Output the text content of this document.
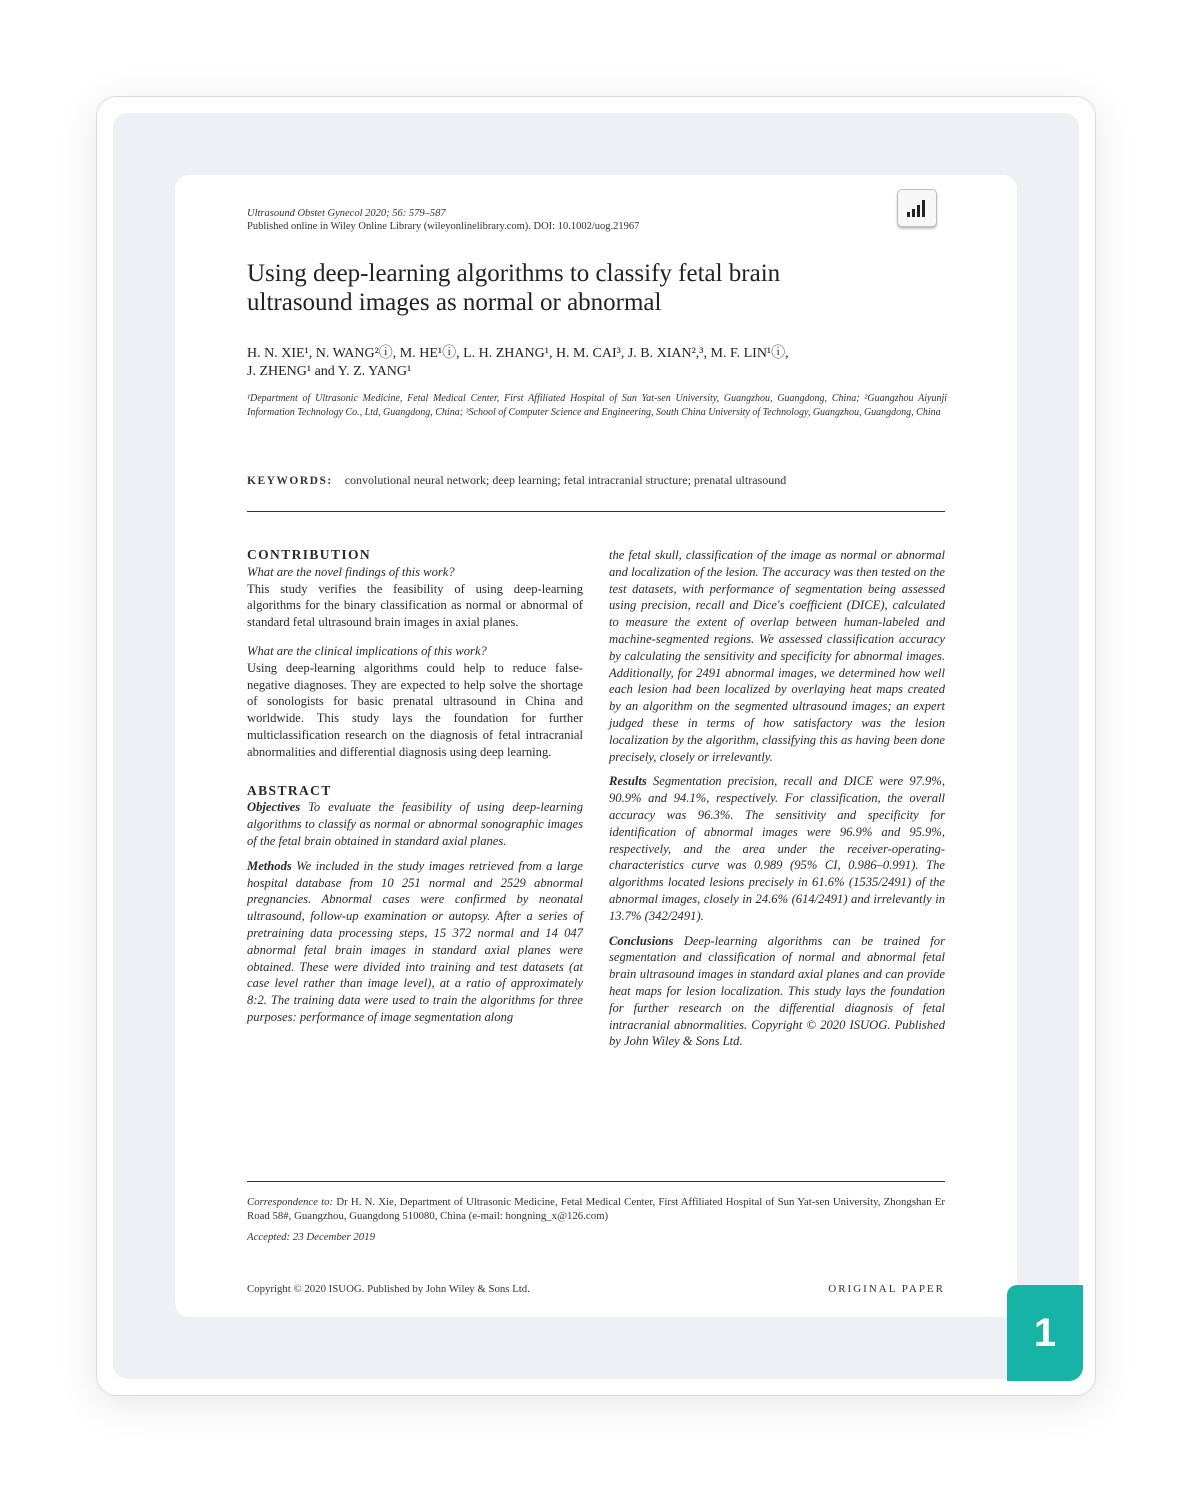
Ultrasound Obstet Gynecol 2020; 56: 579–587
Published online in Wiley Online Library (wileyonlinelibrary.com). DOI: 10.1002/uog.21967
Using deep-learning algorithms to classify fetal brain ultrasound images as normal or abnormal
H. N. XIE¹, N. WANG²ⓘ, M. HE¹ⓘ, L. H. ZHANG¹, H. M. CAI³, J. B. XIAN²,³, M. F. LIN¹ⓘ,
J. ZHENG¹ and Y. Z. YANG¹
¹Department of Ultrasonic Medicine, Fetal Medical Center, First Affiliated Hospital of Sun Yat-sen University, Guangzhou, Guangdong, China; ²Guangzhou Aiyunji Information Technology Co., Ltd, Guangdong, China; ³School of Computer Science and Engineering, South China University of Technology, Guangzhou, Guangdong, China
KEYWORDS: convolutional neural network; deep learning; fetal intracranial structure; prenatal ultrasound

CONTRIBUTION

What are the novel findings of this work?

This study verifies the feasibility of using deep-learning algorithms for the binary classification as normal or abnormal of standard fetal ultrasound brain images in axial planes.

What are the clinical implications of this work?

Using deep-learning algorithms could help to reduce false-negative diagnoses. They are expected to help solve the shortage of sonologists for basic prenatal ultrasound in China and worldwide. This study lays the foundation for further multiclassification research on the diagnosis of fetal intracranial abnormalities and differential diagnosis using deep learning.

ABSTRACT

Objectives To evaluate the feasibility of using deep-learning algorithms to classify as normal or abnormal sonographic images of the fetal brain obtained in standard axial planes.

Methods We included in the study images retrieved from a large hospital database from 10 251 normal and 2529 abnormal pregnancies. Abnormal cases were confirmed by neonatal ultrasound, follow-up examination or autopsy. After a series of pretraining data processing steps, 15 372 normal and 14 047 abnormal fetal brain images in standard axial planes were obtained. These were divided into training and test datasets (at case level rather than image level), at a ratio of approximately 8:2. The training data were used to train the algorithms for three purposes: performance of image segmentation along

the fetal skull, classification of the image as normal or abnormal and localization of the lesion. The accuracy was then tested on the test datasets, with performance of segmentation being assessed using precision, recall and Dice's coefficient (DICE), calculated to measure the extent of overlap between human-labeled and machine-segmented regions. We assessed classification accuracy by calculating the sensitivity and specificity for abnormal images. Additionally, for 2491 abnormal images, we determined how well each lesion had been localized by overlaying heat maps created by an algorithm on the segmented ultrasound images; an expert judged these in terms of how satisfactory was the lesion localization by the algorithm, classifying this as having been done precisely, closely or irrelevantly.

Results Segmentation precision, recall and DICE were 97.9%, 90.9% and 94.1%, respectively. For classification, the overall accuracy was 96.3%. The sensitivity and specificity for identification of abnormal images were 96.9% and 95.9%, respectively, and the area under the receiver-operating-characteristics curve was 0.989 (95% CI, 0.986–0.991). The algorithms located lesions precisely in 61.6% (1535/2491) of the abnormal images, closely in 24.6% (614/2491) and irrelevantly in 13.7% (342/2491).

Conclusions Deep-learning algorithms can be trained for segmentation and classification of normal and abnormal fetal brain ultrasound images in standard axial planes and can provide heat maps for lesion localization. This study lays the foundation for further research on the differential diagnosis of fetal intracranial abnormalities. Copyright © 2020 ISUOG. Published by John Wiley & Sons Ltd.

Correspondence to: Dr H. N. Xie, Department of Ultrasonic Medicine, Fetal Medical Center, First Affiliated Hospital of Sun Yat-sen University, Zhongshan Er Road 58#, Guangzhou, Guangdong 510080, China (e-mail: hongning_x@126.com)
Accepted: 23 December 2019
Copyright © 2020 ISUOG. Published by John Wiley & Sons Ltd.	ORIGINAL PAPER
1
